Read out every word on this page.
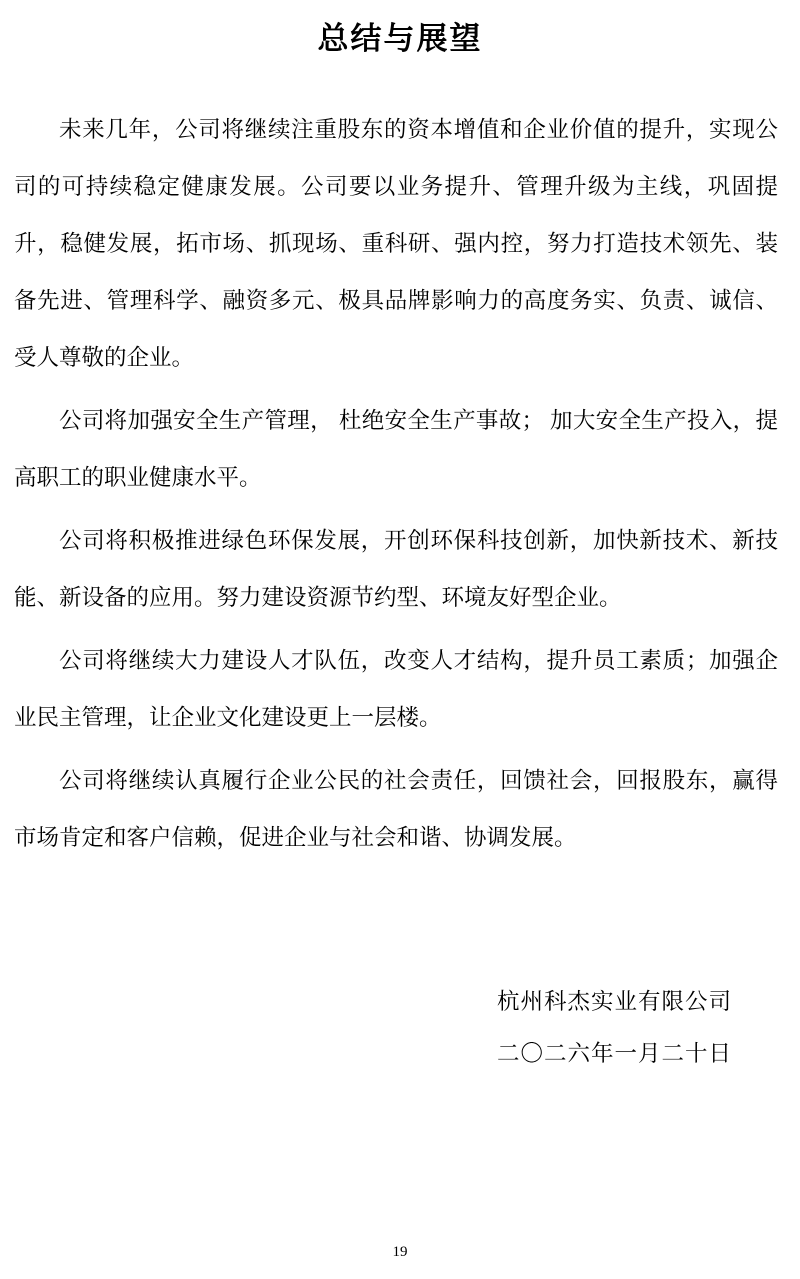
总结与展望

未来几年，公司将继续注重股东的资本增值和企业价值的提升，实现公司的可持续稳定健康发展。公司要以业务提升、管理升级为主线，巩固提升，稳健发展，拓市场、抓现场、重科研、强内控，努力打造技术领先、装备先进、管理科学、融资多元、极具品牌影响力的高度务实、负责、诚信、受人尊敬的企业。

公司将加强安全生产管理， 杜绝安全生产事故； 加大安全生产投入，提高职工的职业健康水平。

公司将积极推进绿色环保发展，开创环保科技创新，加快新技术、新技能、新设备的应用。努力建设资源节约型、环境友好型企业。

公司将继续大力建设人才队伍，改变人才结构，提升员工素质；加强企业民主管理，让企业文化建设更上一层楼。

公司将继续认真履行企业公民的社会责任，回馈社会，回报股东，赢得市场肯定和客户信赖，促进企业与社会和谐、协调发展。

杭州科杰实业有限公司
二〇二六年一月二十日
19
